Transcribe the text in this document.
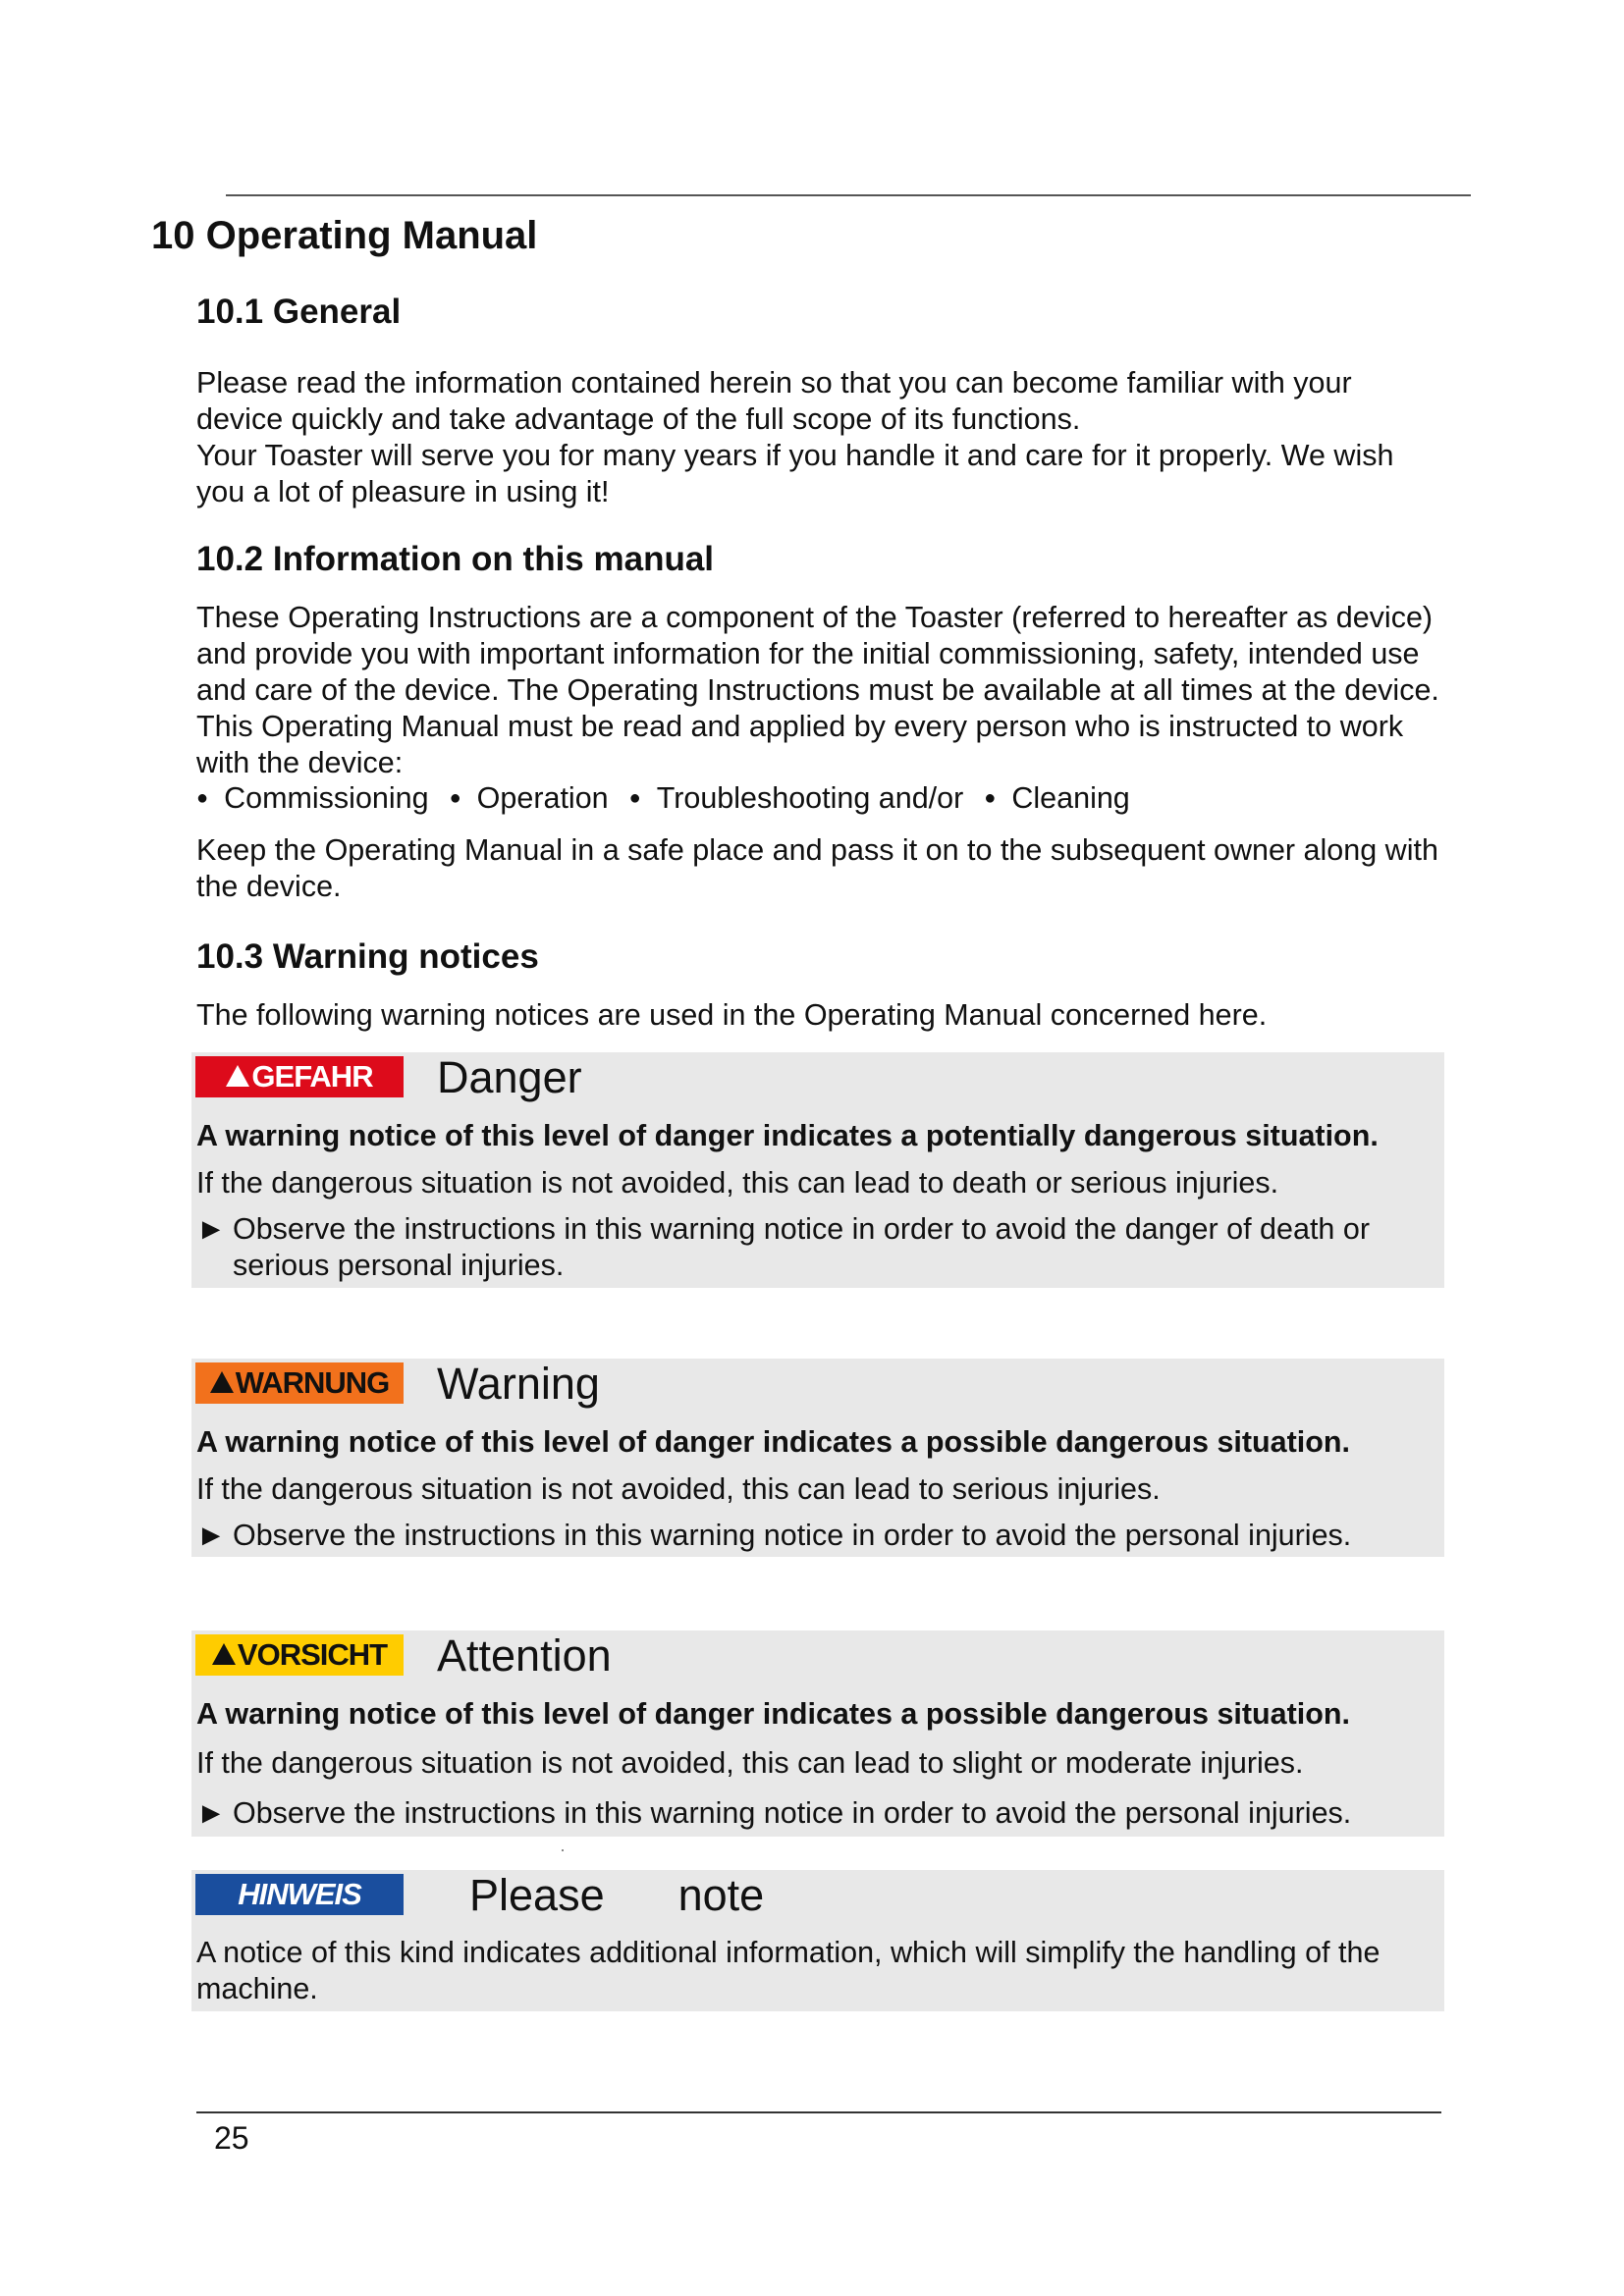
10 Operating Manual
10.1 General
Please read the information contained herein so that you can become familiar with your device quickly and take advantage of the full scope of its functions.
Your Toaster will serve you for many years if you handle it and care for it properly. We wish you a lot of pleasure in using it!
10.2 Information on this manual
These Operating Instructions are a component of the Toaster (referred to hereafter as device) and provide you with important information for the initial commissioning, safety, intended use and care of the device. The Operating Instructions must be available at all times at the device. This Operating Manual must be read and applied by every person who is instructed to work with the device:
● Commissioning	● Operation	● Troubleshooting and/or	● Cleaning
Keep the Operating Manual in a safe place and pass it on to the subsequent owner along with the device.
10.3 Warning notices
The following warning notices are used in the Operating Manual concerned here.
GEFAHR Danger
A warning notice of this level of danger indicates a potentially dangerous situation.
If the dangerous situation is not avoided, this can lead to death or serious injuries.
► Observe the instructions in this warning notice in order to avoid the danger of death or serious personal injuries.
WARNUNG Warning
A warning notice of this level of danger indicates a possible dangerous situation.
If the dangerous situation is not avoided, this can lead to serious injuries.
► Observe the instructions in this warning notice in order to avoid the personal injuries.
VORSICHT Attention
A warning notice of this level of danger indicates a possible dangerous situation.
If the dangerous situation is not avoided, this can lead to slight or moderate injuries.
► Observe the instructions in this warning notice in order to avoid the personal injuries.
HINWEIS Please      note
A notice of this kind indicates additional information, which will simplify the handling of the machine.
25
